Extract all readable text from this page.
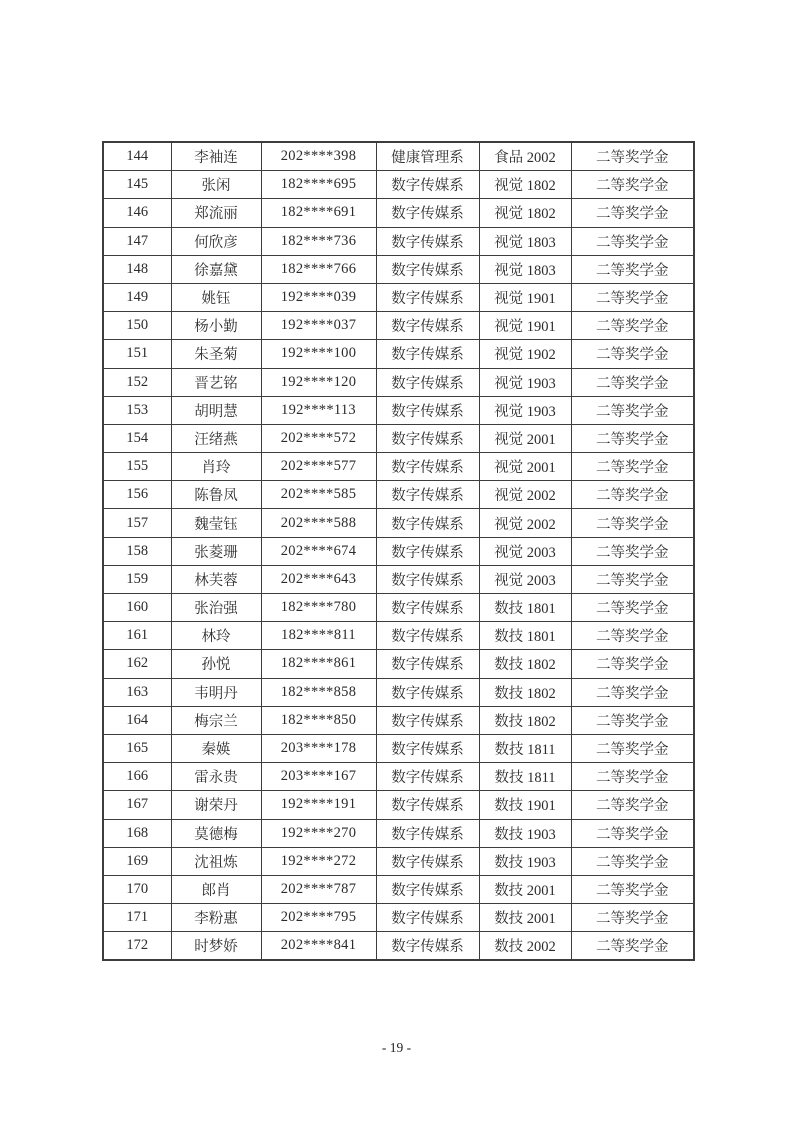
144	李袖连	202****398	健康管理系	食品 2002	二等奖学金
145	张闲	182****695	数字传媒系	视觉 1802	二等奖学金
146	郑流丽	182****691	数字传媒系	视觉 1802	二等奖学金
147	何欣彦	182****736	数字传媒系	视觉 1803	二等奖学金
148	徐嘉黛	182****766	数字传媒系	视觉 1803	二等奖学金
149	姚钰	192****039	数字传媒系	视觉 1901	二等奖学金
150	杨小勤	192****037	数字传媒系	视觉 1901	二等奖学金
151	朱圣菊	192****100	数字传媒系	视觉 1902	二等奖学金
152	晋艺铭	192****120	数字传媒系	视觉 1903	二等奖学金
153	胡明慧	192****113	数字传媒系	视觉 1903	二等奖学金
154	汪绪燕	202****572	数字传媒系	视觉 2001	二等奖学金
155	肖玲	202****577	数字传媒系	视觉 2001	二等奖学金
156	陈鲁凤	202****585	数字传媒系	视觉 2002	二等奖学金
157	魏莹钰	202****588	数字传媒系	视觉 2002	二等奖学金
158	张菱珊	202****674	数字传媒系	视觉 2003	二等奖学金
159	林芙蓉	202****643	数字传媒系	视觉 2003	二等奖学金
160	张治强	182****780	数字传媒系	数技 1801	二等奖学金
161	林玲	182****811	数字传媒系	数技 1801	二等奖学金
162	孙悦	182****861	数字传媒系	数技 1802	二等奖学金
163	韦明丹	182****858	数字传媒系	数技 1802	二等奖学金
164	梅宗兰	182****850	数字传媒系	数技 1802	二等奖学金
165	秦媖	203****178	数字传媒系	数技 1811	二等奖学金
166	雷永贵	203****167	数字传媒系	数技 1811	二等奖学金
167	谢荣丹	192****191	数字传媒系	数技 1901	二等奖学金
168	莫德梅	192****270	数字传媒系	数技 1903	二等奖学金
169	沈祖炼	192****272	数字传媒系	数技 1903	二等奖学金
170	郎肖	202****787	数字传媒系	数技 2001	二等奖学金
171	李粉惠	202****795	数字传媒系	数技 2001	二等奖学金
172	时梦娇	202****841	数字传媒系	数技 2002	二等奖学金
- 19 -
